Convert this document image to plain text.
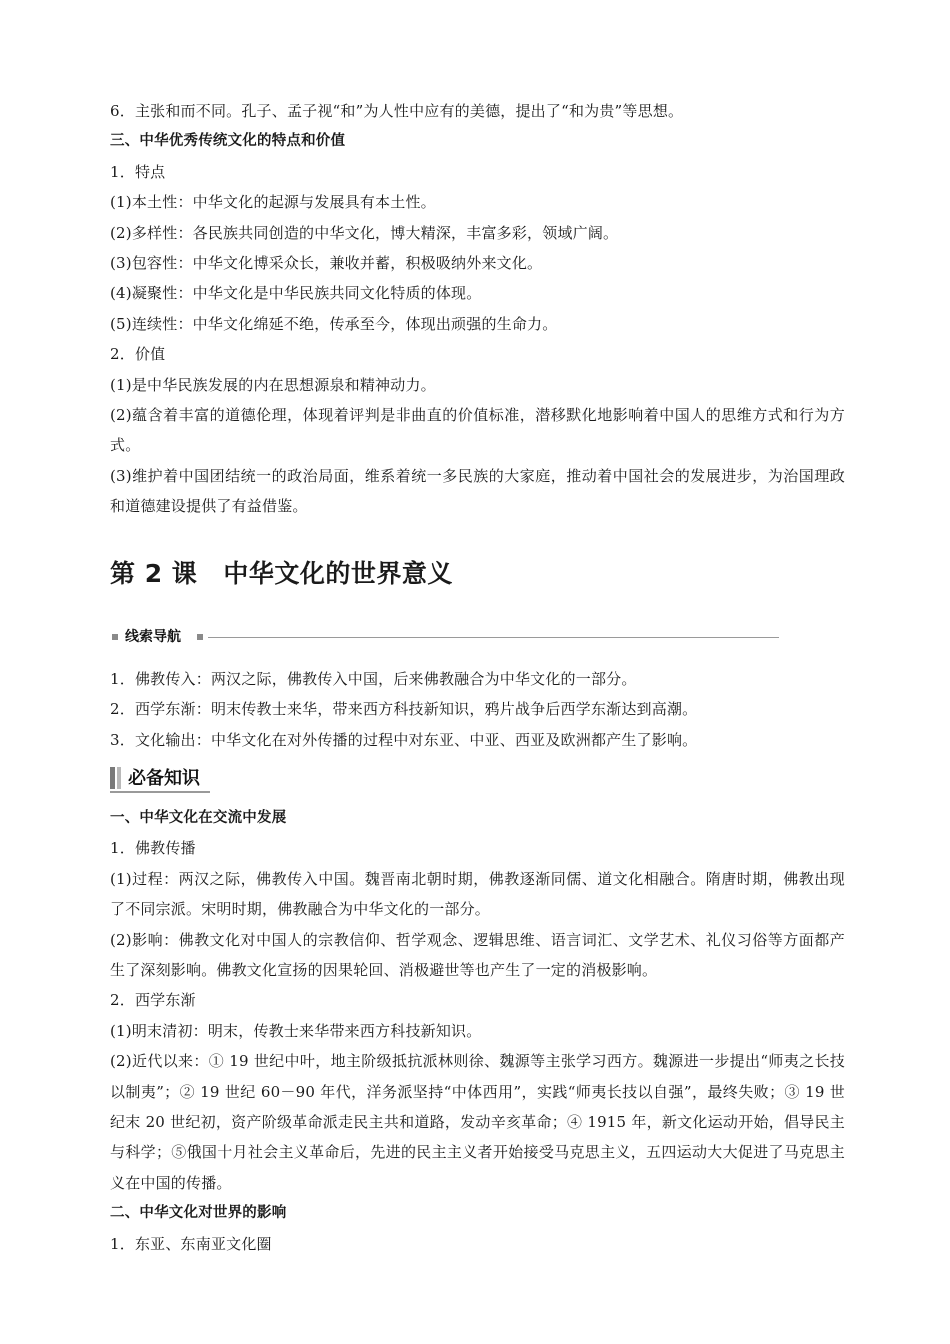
6．主张和而不同。孔子、孟子视“和”为人性中应有的美德，提出了“和为贵”等思想。

三、中华优秀传统文化的特点和价值

1．特点

(1)本土性：中华文化的起源与发展具有本土性。

(2)多样性：各民族共同创造的中华文化，博大精深，丰富多彩，领域广阔。

(3)包容性：中华文化博采众长，兼收并蓄，积极吸纳外来文化。

(4)凝聚性：中华文化是中华民族共同文化特质的体现。

(5)连续性：中华文化绵延不绝，传承至今，体现出顽强的生命力。

2．价值

(1)是中华民族发展的内在思想源泉和精神动力。

(2)蕴含着丰富的道德伦理，体现着评判是非曲直的价值标准，潜移默化地影响着中国人的思维方式和行为方式。

(3)维护着中国团结统一的政治局面，维系着统一多民族的大家庭，推动着中国社会的发展进步，为治国理政和道德建设提供了有益借鉴。

第 2 课 中华文化的世界意义
线索导航

1．佛教传入：两汉之际，佛教传入中国，后来佛教融合为中华文化的一部分。

2．西学东渐：明末传教士来华，带来西方科技新知识，鸦片战争后西学东渐达到高潮。

3．文化输出：中华文化在对外传播的过程中对东亚、中亚、西亚及欧洲都产生了影响。

必备知识

一、中华文化在交流中发展

1．佛教传播

(1)过程：两汉之际，佛教传入中国。魏晋南北朝时期，佛教逐渐同儒、道文化相融合。隋唐时期，佛教出现了不同宗派。宋明时期，佛教融合为中华文化的一部分。

(2)影响：佛教文化对中国人的宗教信仰、哲学观念、逻辑思维、语言词汇、文学艺术、礼仪习俗等方面都产生了深刻影响。佛教文化宣扬的因果轮回、消极避世等也产生了一定的消极影响。

2．西学东渐

(1)明末清初：明末，传教士来华带来西方科技新知识。

(2)近代以来：① 19 世纪中叶，地主阶级抵抗派林则徐、魏源等主张学习西方。魏源进一步提出“师夷之长技以制夷”；② 19 世纪 60－90 年代，洋务派坚持“中体西用”，实践“师夷长技以自强”，最终失败；③ 19 世纪末 20 世纪初，资产阶级革命派走民主共和道路，发动辛亥革命；④ 1915 年，新文化运动开始，倡导民主与科学；⑤俄国十月社会主义革命后，先进的民主主义者开始接受马克思主义，五四运动大大促进了马克思主义在中国的传播。

二、中华文化对世界的影响

1．东亚、东南亚文化圈
